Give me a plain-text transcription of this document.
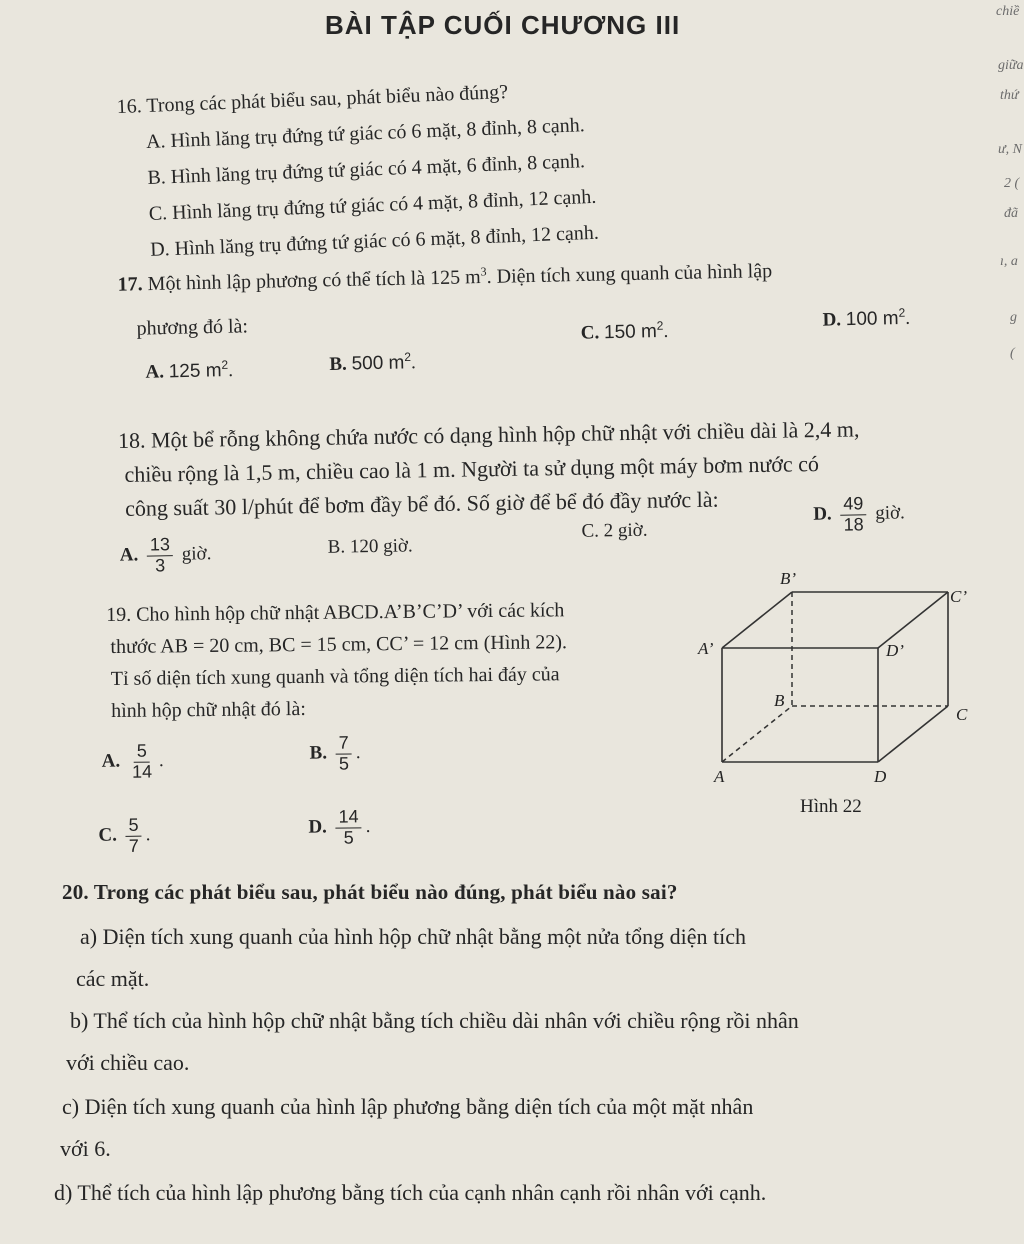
BÀI TẬP CUỐI CHƯƠNG III	chiề
giữa
thứ
ư, N
2 (
đã
ı, a
g
(
16. Trong các phát biểu sau, phát biểu nào đúng?
A. Hình lăng trụ đứng tứ giác có 6 mặt, 8 đỉnh, 8 cạnh.
B. Hình lăng trụ đứng tứ giác có 4 mặt, 6 đỉnh, 8 cạnh.
C. Hình lăng trụ đứng tứ giác có 4 mặt, 8 đỉnh, 12 cạnh.
D. Hình lăng trụ đứng tứ giác có 6 mặt, 8 đỉnh, 12 cạnh.
17. Một hình lập phương có thể tích là 125 $m^3$. Diện tích xung quanh của hình lập
phương đó là:
A. 125 $m^2$.	B. 500 $m^2$.
C. 150 $m^2$.
D. 100 $m^2$.
18. Một bể rỗng không chứa nước có dạng hình hộp chữ nhật với chiều dài là 2,4 m,
chiều rộng là 1,5 m, chiều cao là 1 m. Người ta sử dụng một máy bơm nước có
công suất 30 l/phút để bơm đầy bể đó. Số giờ để bể đó đầy nước là:
A. $\frac{13}{3}$ giờ.	B. 120 giờ.
C. 2 giờ.
D. $\frac{49}{18}$ giờ.
19. Cho hình hộp chữ nhật ABCD.A’B’C’D’ với các kích
thước AB = 20 cm, BC = 15 cm, CC’ = 12 cm (Hình 22).
Tỉ số diện tích xung quanh và tổng diện tích hai đáy của
hình hộp chữ nhật đó là:
A. $\frac{5}{14}$ .	B. $\frac{7}{5}$ .
C. $\frac{5}{7}$ .	D. $\frac{14}{5}$ .
B’
C’
A’	D’
B
C
A	D
Hình 22
20. Trong các phát biểu sau, phát biểu nào đúng, phát biểu nào sai?
a) Diện tích xung quanh của hình hộp chữ nhật bằng một nửa tổng diện tích
các mặt.
b) Thể tích của hình hộp chữ nhật bằng tích chiều dài nhân với chiều rộng rồi nhân
với chiều cao.
c) Diện tích xung quanh của hình lập phương bằng diện tích của một mặt nhân
với 6.
d) Thể tích của hình lập phương bằng tích của cạnh nhân cạnh rồi nhân với cạnh.
